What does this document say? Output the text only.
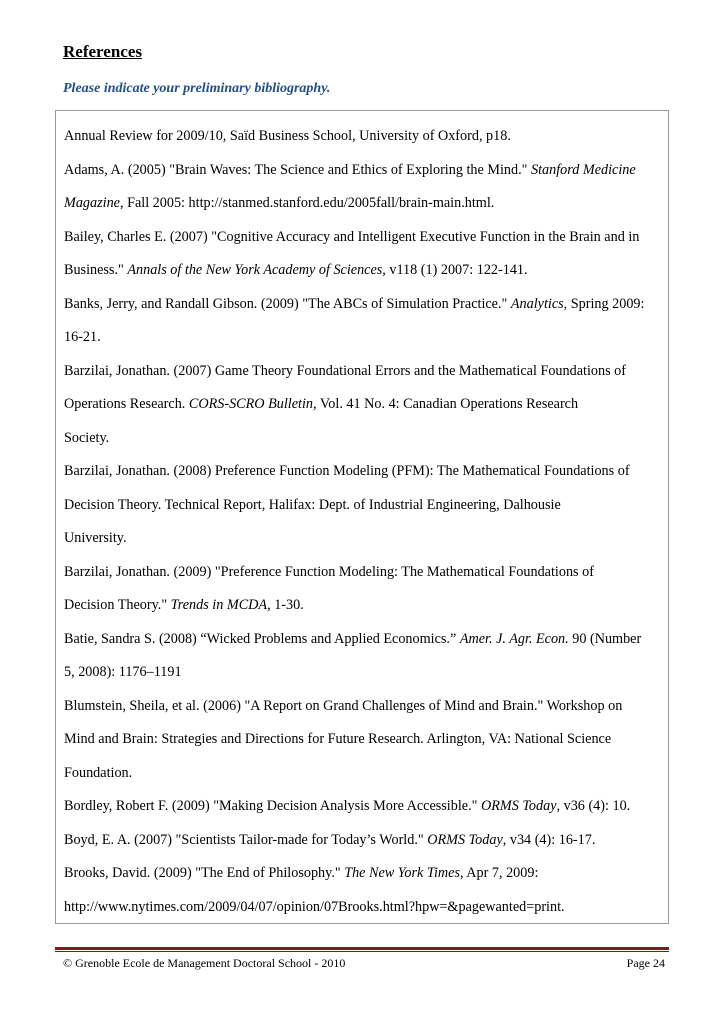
References
Please indicate your preliminary bibliography.

Annual Review for 2009/10, Saïd Business School, University of Oxford, p18.

Adams, A. (2005) "Brain Waves: The Science and Ethics of Exploring the Mind." Stanford Medicine
Magazine, Fall 2005: http://stanmed.stanford.edu/2005fall/brain-main.html.

Bailey, Charles E. (2007) "Cognitive Accuracy and Intelligent Executive Function in the Brain and in
Business." Annals of the New York Academy of Sciences, v118 (1) 2007: 122-141.

Banks, Jerry, and Randall Gibson. (2009) "The ABCs of Simulation Practice." Analytics, Spring 2009:
16-21.

Barzilai, Jonathan. (2007) Game Theory Foundational Errors and the Mathematical Foundations of
Operations Research. CORS-SCRO Bulletin, Vol. 41 No. 4: Canadian Operations Research
Society.

Barzilai, Jonathan. (2008) Preference Function Modeling (PFM): The Mathematical Foundations of
Decision Theory. Technical Report, Halifax: Dept. of Industrial Engineering, Dalhousie
University.

Barzilai, Jonathan. (2009) "Preference Function Modeling: The Mathematical Foundations of
Decision Theory." Trends in MCDA, 1-30.

Batie, Sandra S. (2008) “Wicked Problems and Applied Economics.” Amer. J. Agr. Econ. 90 (Number
5, 2008): 1176–1191

Blumstein, Sheila, et al. (2006) "A Report on Grand Challenges of Mind and Brain." Workshop on
Mind and Brain: Strategies and Directions for Future Research. Arlington, VA: National Science
Foundation.

Bordley, Robert F. (2009) "Making Decision Analysis More Accessible." ORMS Today, v36 (4): 10.

Boyd, E. A. (2007) "Scientists Tailor-made for Today’s World." ORMS Today, v34 (4): 16-17.

Brooks, David. (2009) "The End of Philosophy." The New York Times, Apr 7, 2009:
http://www.nytimes.com/2009/04/07/opinion/07Brooks.html?hpw=&pagewanted=print.

© Grenoble Ecole de Management Doctoral School - 2010	Page 24
